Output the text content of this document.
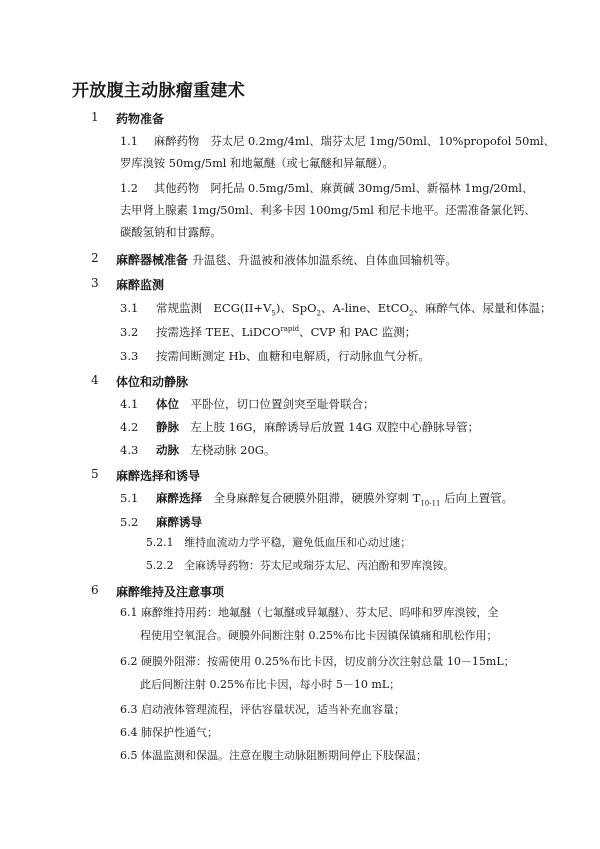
开放腹主动脉瘤重建术
1	药物准备
1.1 麻醉药物　芬太尼 0.2mg/4ml、瑞芬太尼 1mg/50ml、10%propofol 50ml、
罗库溴铵 50mg/5ml 和地氟醚（或七氟醚和异氟醚）。
1.2 其他药物　阿托品 0.5mg/5ml、麻黄碱 30mg/5ml、新福林 1mg/20ml、
去甲肾上腺素 1mg/50ml、利多卡因 100mg/5ml 和尼卡地平。还需准备氯化钙、
碳酸氢钠和甘露醇。
2	麻醉器械准备 升温毯、升温被和液体加温系统、自体血回输机等。
3	麻醉监测
3.1 常规监测　$ECG(II+V_5)$、SpO$_2$、A-line、EtCO$_2$、麻醉气体、尿量和体温；
3.2 按需选择 TEE、LiDCO$^{rapid}$、CVP 和 PAC 监测；
3.3 按需间断测定 Hb、血糖和电解质，行动脉血气分析。
4	体位和动静脉
4.1 体位　 平卧位，切口位置剑突至耻骨联合；
4.2 静脉　 左上肢 16G，麻醉诱导后放置 14G 双腔中心静脉导管；
4.3 动脉　 左桡动脉 20G。
5	麻醉选择和诱导
5.1 麻醉选择　 全身麻醉复合硬膜外阻滞，硬膜外穿刺 $T_{10-11}$ 后向上置管。
5.2 麻醉诱导
5.2.1　维持血流动力学平稳，避免低血压和心动过速；
5.2.2　全麻诱导药物：芬太尼或瑞芬太尼、丙泊酚和罗库溴铵。
6	麻醉维持及注意事项
6.1 麻醉维持用药：地氟醚（七氟醚或异氟醚）、芬太尼、吗啡和罗库溴铵，全
程使用空氧混合。硬膜外间断注射 0.25%布比卡因镇保镇痛和肌松作用；
6.2 硬膜外阻滞：按需使用 0.25%布比卡因，切皮前分次注射总量 10－15mL；
此后间断注射 0.25%布比卡因，每小时 5－10 mL；
6.3 启动液体管理流程，评估容量状况，适当补充血容量；
6.4 肺保护性通气；
6.5 体温监测和保温。注意在腹主动脉阻断期间停止下肢保温；
